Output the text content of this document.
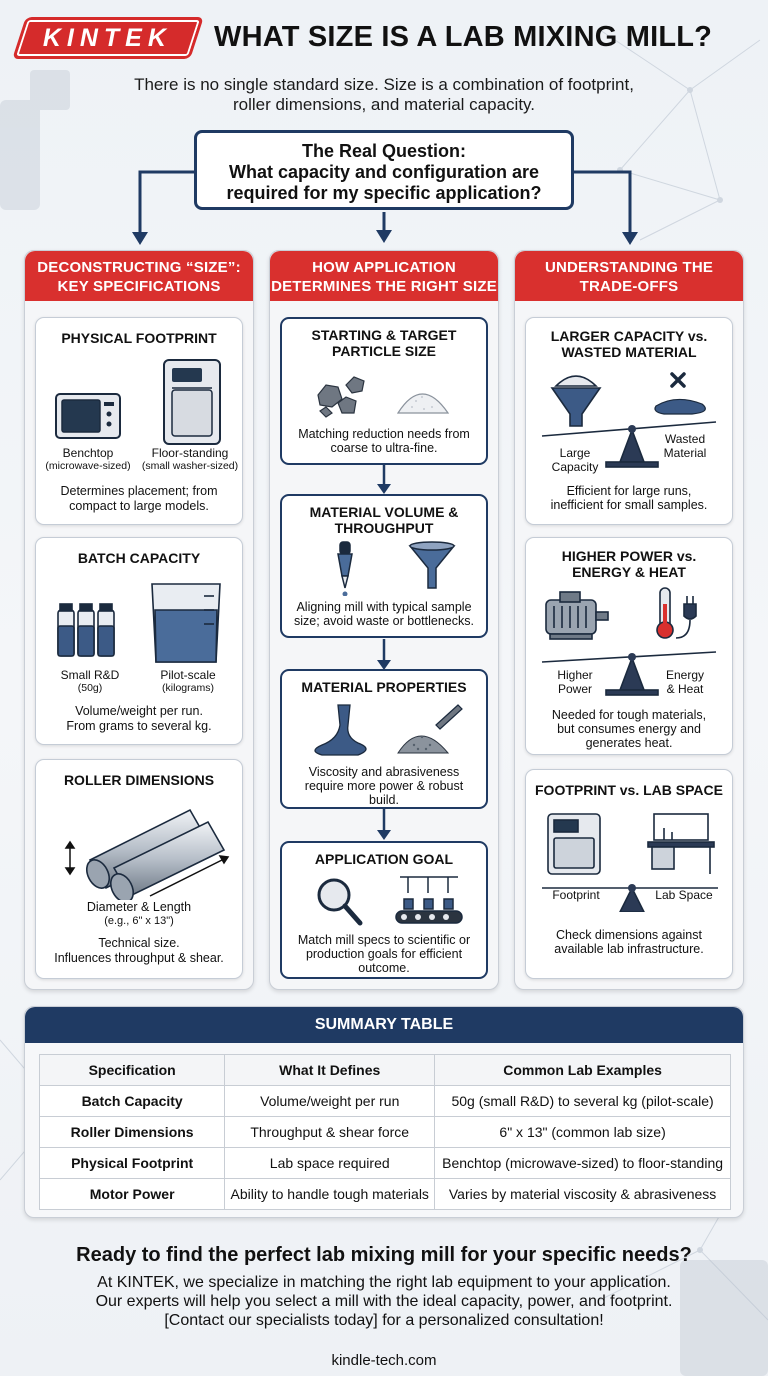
KINTEK WHAT SIZE IS A LAB MIXING MILL?
There is no single standard size. Size is a combination of footprint,
roller dimensions, and material capacity.
The Real Question:
What capacity and configuration are
required for my specific application?
DECONSTRUCTING “SIZE”:
KEY SPECIFICATIONS
PHYSICAL FOOTPRINT
Benchtop
(microwave-sized)
Floor-standing
(small washer-sized)
Determines placement; from
compact to large models.
BATCH CAPACITY
Small R&D
(50g)
Pilot-scale
(kilograms)
Volume/weight per run.
From grams to several kg.
ROLLER DIMENSIONS
Diameter & Length
(e.g., 6" x 13")
Technical size.
Influences throughput & shear.
HOW APPLICATION
DETERMINES THE RIGHT SIZE
STARTING & TARGET
PARTICLE SIZE
Matching reduction needs from
coarse to ultra-fine.
MATERIAL VOLUME &
THROUGHPUT
Aligning mill with typical sample
size; avoid waste or bottlenecks.
MATERIAL PROPERTIES
Viscosity and abrasiveness
require more power & robust
build.
APPLICATION GOAL
Match mill specs to scientific or
production goals for efficient
outcome.
UNDERSTANDING THE
TRADE-OFFS
LARGER CAPACITY vs.
WASTED MATERIAL
Large
Capacity
Wasted
Material
Efficient for large runs,
inefficient for small samples.
HIGHER POWER vs.
ENERGY & HEAT
Higher
Power
Energy
& Heat
Needed for tough materials,
but consumes energy and
generates heat.
FOOTPRINT vs. LAB SPACE
Footprint	Lab Space
Check dimensions against
available lab infrastructure.
SUMMARY TABLE
Specification	What It Defines	Common Lab Examples
Batch Capacity	Volume/weight per run	50g (small R&D) to several kg (pilot-scale)
Roller Dimensions	Throughput & shear force	6" x 13" (common lab size)
Physical Footprint	Lab space required	Benchtop (microwave-sized) to floor-standing
Motor Power	Ability to handle tough materials	Varies by material viscosity & abrasiveness
Ready to find the perfect lab mixing mill for your specific needs?
At KINTEK, we specialize in matching the right lab equipment to your application.
Our experts will help you select a mill with the ideal capacity, power, and footprint.
[Contact our specialists today] for a personalized consultation!
kindle-tech.com
